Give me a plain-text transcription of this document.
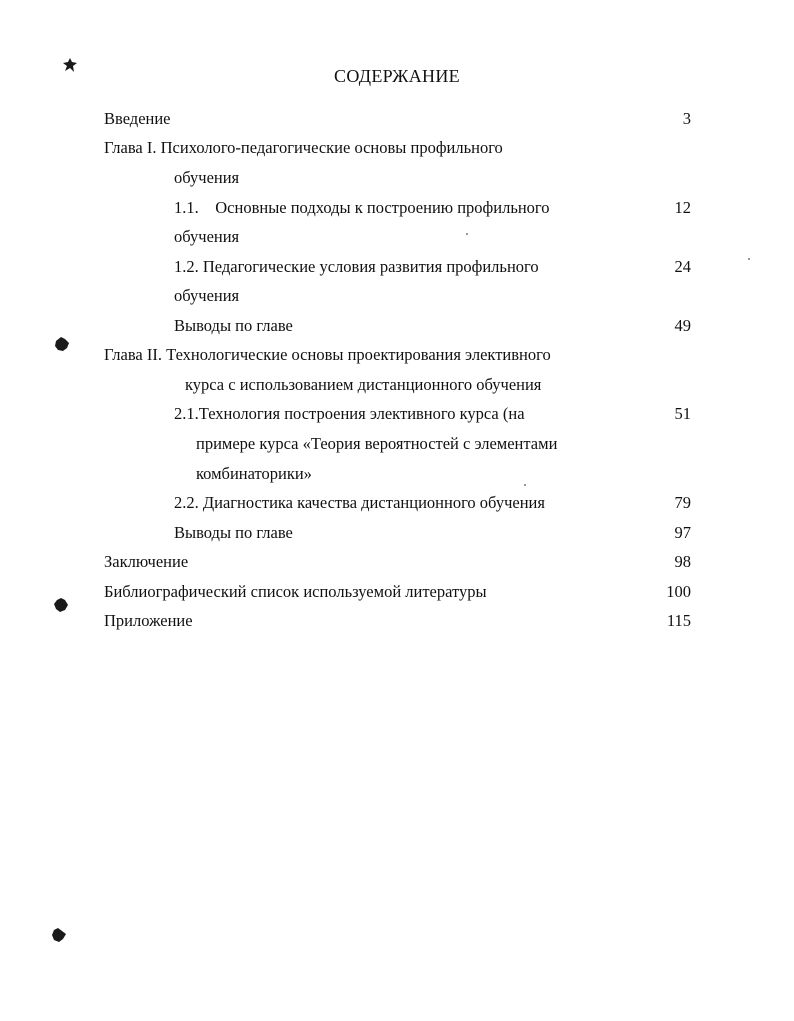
СОДЕРЖАНИЕ
Введение	3
Глава I. Психолого-педагогические основы профильного
обучения
1.1.    Основные подходы к построению профильного	12
обучения
1.2. Педагогические условия развития профильного	24
обучения
Выводы по главе	49
Глава II. Технологические основы проектирования элективного
курса с использованием дистанционного обучения
2.1.Технология построения элективного курса (на	51
примере курса «Теория вероятностей с элементами
комбинаторики»
2.2. Диагностика качества дистанционного обучения	79
Выводы по главе	97
Заключение	98
Библиографический список используемой литературы	100
Приложение	115
